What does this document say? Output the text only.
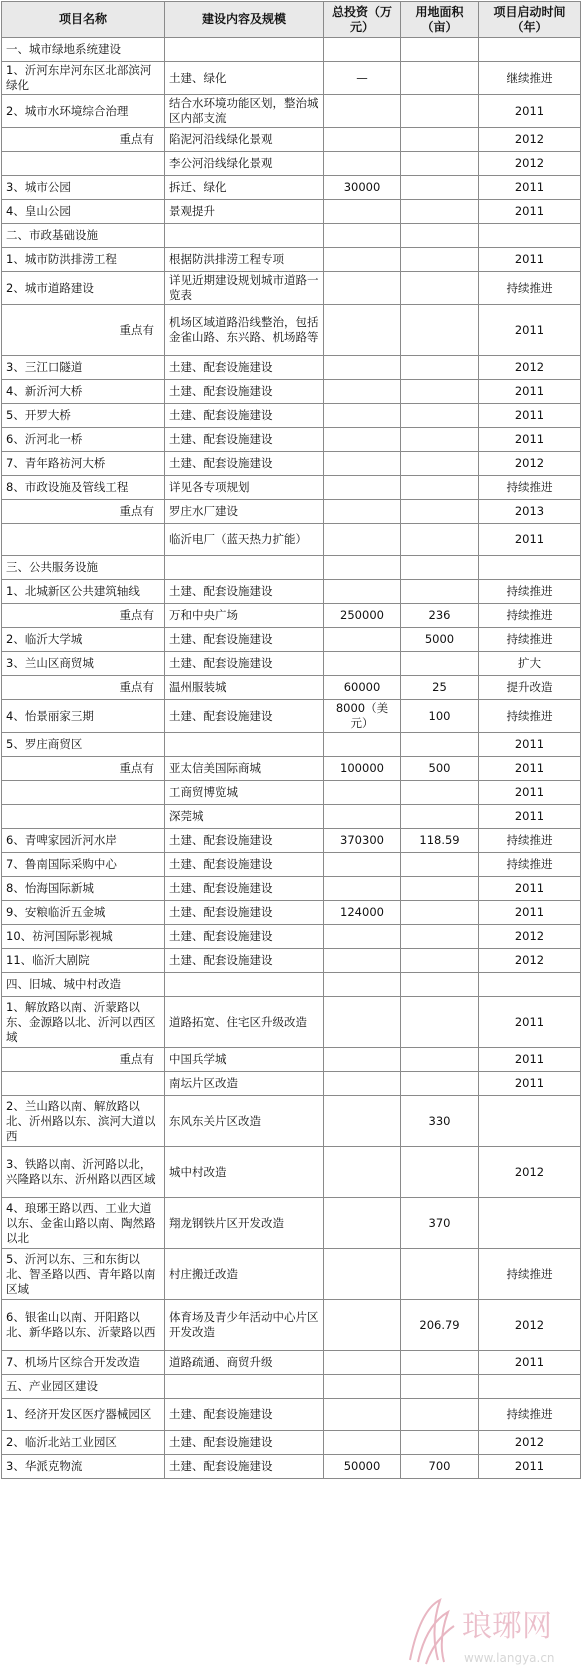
项目名称	建设内容及规模	总投资（万元）	用地面积（亩）	项目启动时间（年）
一、城市绿地系统建设				
1、沂河东岸河东区北部滨河绿化	土建、绿化	—		继续推进
2、城市水环境综合治理	结合水环境功能区划，整治城区内部支流			2011
重点有	陷泥河沿线绿化景观			2012
	李公河沿线绿化景观			2012
3、城市公园	拆迁、绿化	30000		2011
4、皇山公园	景观提升			2011
二、市政基础设施				
1、城市防洪排涝工程	根据防洪排涝工程专项			2011
2、城市道路建设	详见近期建设规划城市道路一览表			持续推进
重点有	机场区域道路沿线整治，包括金雀山路、东兴路、机场路等			2011
3、三江口隧道	土建、配套设施建设			2012
4、新沂河大桥	土建、配套设施建设			2011
5、开罗大桥	土建、配套设施建设			2011
6、沂河北一桥	土建、配套设施建设			2011
7、青年路祊河大桥	土建、配套设施建设			2012
8、市政设施及管线工程	详见各专项规划			持续推进
重点有	罗庄水厂建设			2013
	临沂电厂（蓝天热力扩能）			2011
三、公共服务设施				
1、北城新区公共建筑轴线	土建、配套设施建设			持续推进
重点有	万和中央广场	250000	236	持续推进
2、临沂大学城	土建、配套设施建设		5000	持续推进
3、兰山区商贸城	土建、配套设施建设			扩大
重点有	温州服装城	60000	25	提升改造
4、怡景丽家三期	土建、配套设施建设	8000（美元）	100	持续推进
5、罗庄商贸区				2011
重点有	亚太信美国际商城	100000	500	2011
	工商贸博览城			2011
	深莞城			2011
6、青啤家园沂河水岸	土建、配套设施建设	370300	118.59	持续推进
7、鲁南国际采购中心	土建、配套设施建设			持续推进
8、怡海国际新城	土建、配套设施建设			2011
9、安粮临沂五金城	土建、配套设施建设	124000		2011
10、祊河国际影视城	土建、配套设施建设			2012
11、临沂大剧院	土建、配套设施建设			2012
四、旧城、城中村改造				
1、解放路以南、沂蒙路以东、金源路以北、沂河以西区域	道路拓宽、住宅区升级改造			2011
重点有	中国兵学城			2011
	南坛片区改造			2011
2、兰山路以南、解放路以北、沂州路以东、滨河大道以西	东风东关片区改造		330	
3、铁路以南、沂河路以北，兴隆路以东、沂州路以西区域	城中村改造			2012
4、琅琊王路以西、工业大道以东、金雀山路以南、陶然路以北	翔龙钢铁片区开发改造		370	
5、沂河以东、三和东街以北、智圣路以西、青年路以南区域	村庄搬迁改造			持续推进
6、银雀山以南、开阳路以北、新华路以东、沂蒙路以西	体育场及青少年活动中心片区开发改造		206.79	2012
7、机场片区综合开发改造	道路疏通、商贸升级			2011
五、产业园区建设				
1、经济开发区医疗器械园区	土建、配套设施建设			持续推进
2、临沂北站工业园区	土建、配套设施建设			2012
3、华派克物流	土建、配套设施建设	50000	700	2011
琅琊网
www.langya.cn
